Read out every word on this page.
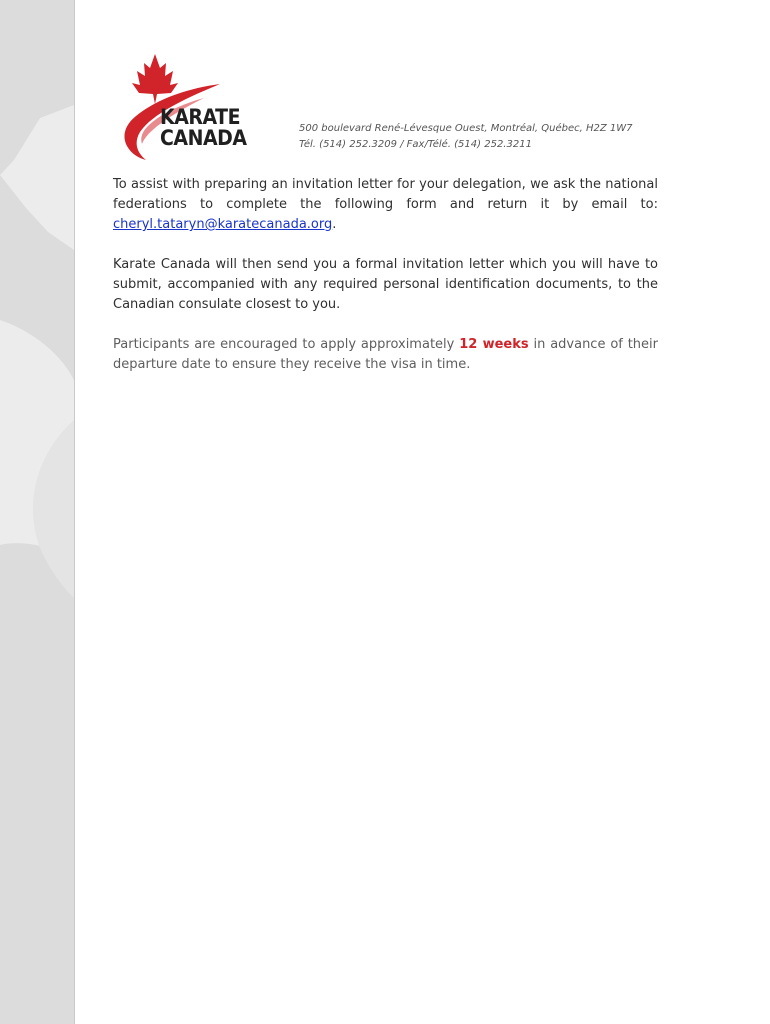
KARATE
CANADA	500 boulevard René-Lévesque Ouest, Montréal, Québec, H2Z 1W7
Tél. (514) 252.3209 / Fax/Télé. (514) 252.3211

To assist with preparing an invitation letter for your delegation, we ask the national federations to complete the following form and return it by email to: cheryl.tataryn@karatecanada.org.

Karate Canada will then send you a formal invitation letter which you will have to submit, accompanied with any required personal identification documents, to the Canadian consulate closest to you.

Participants are encouraged to apply approximately 12 weeks in advance of their departure date to ensure they receive the visa in time.
